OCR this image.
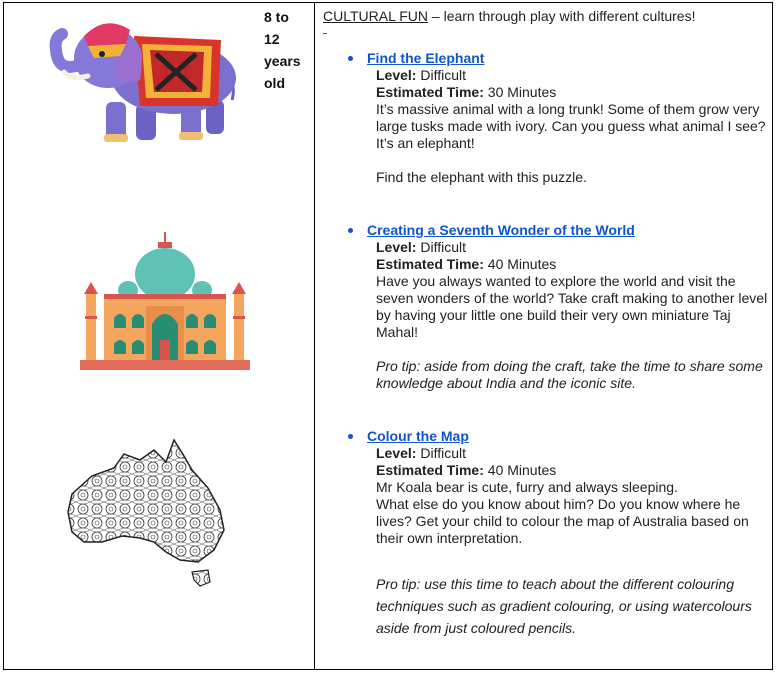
8 to
12
years
old
CULTURAL FUN – learn through play with different cultures!
Find the Elephant
Level: Difficult
Estimated Time: 30 Minutes
It’s massive animal with a long trunk! Some of them grow very large tusks made with ivory. Can you guess what animal I see? It’s an elephant!
Find the elephant with this puzzle.
Creating a Seventh Wonder of the World
Level: Difficult
Estimated Time: 40 Minutes
Have you always wanted to explore the world and visit the seven wonders of the world? Take craft making to another level by having your little one build their very own miniature Taj Mahal!
Pro tip: aside from doing the craft, take the time to share some knowledge about India and the iconic site.
Colour the Map
Level: Difficult
Estimated Time: 40 Minutes
Mr Koala bear is cute, furry and always sleeping.
What else do you know about him? Do you know where he lives? Get your child to colour the map of Australia based on their own interpretation.
Pro tip: use this time to teach about the different colouring techniques such as gradient colouring, or using watercolours aside from just coloured pencils.
